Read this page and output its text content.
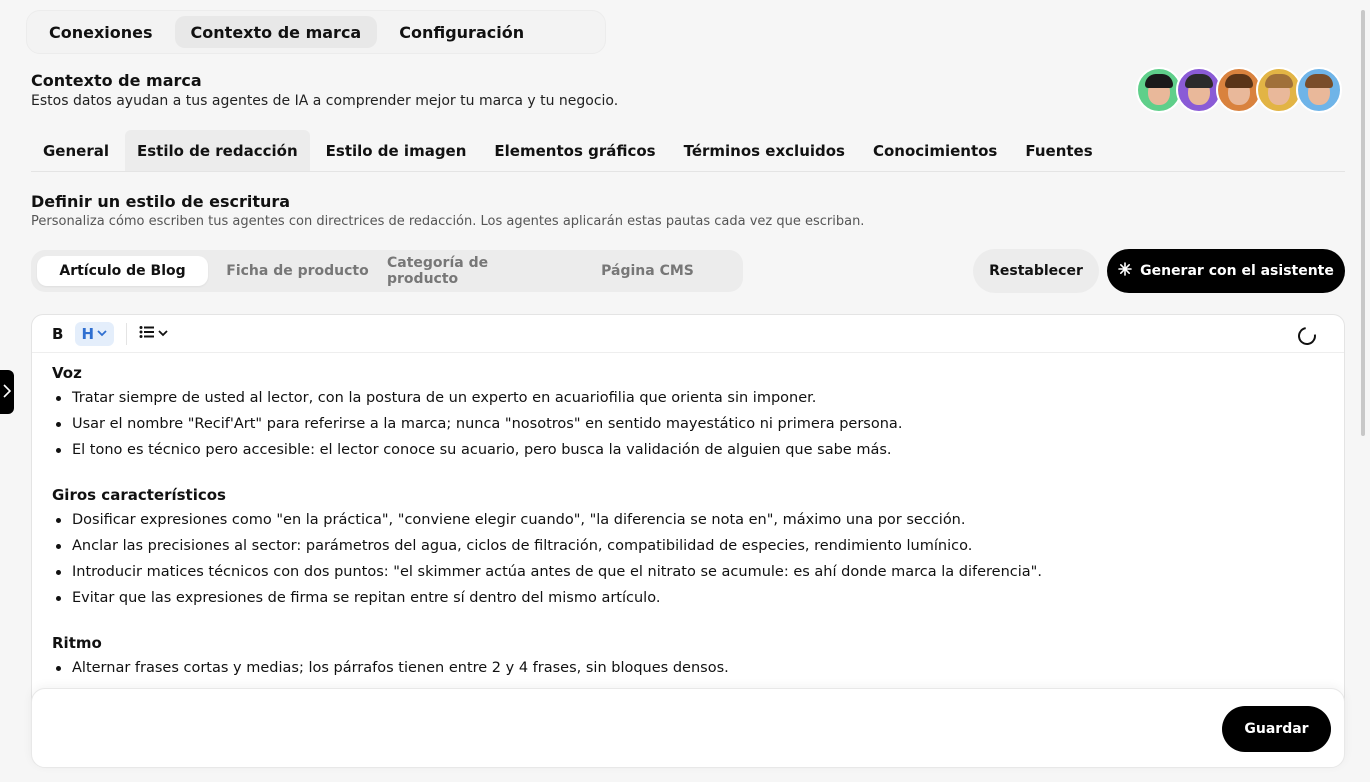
Conexiones	Contexto de marca	Configuración
Contexto de marca
Estos datos ayudan a tus agentes de IA a comprender mejor tu marca y tu negocio.
General	Estilo de redacción	Estilo de imagen	Elementos gráficos	Términos excluidos	Conocimientos	Fuentes
Definir un estilo de escritura
Personaliza cómo escriben tus agentes con directrices de redacción. Los agentes aplicarán estas pautas cada vez que escriban.
Artículo de Blog	Ficha de producto	Categoría de producto	Página CMS	Restablecer	Generar con el asistente
B	H
Voz
Tratar siempre de usted al lector, con la postura de un experto en acuariofilia que orienta sin imponer.
Usar el nombre "Recif'Art" para referirse a la marca; nunca "nosotros" en sentido mayestático ni primera persona.
El tono es técnico pero accesible: el lector conoce su acuario, pero busca la validación de alguien que sabe más.
Giros característicos
Dosificar expresiones como "en la práctica", "conviene elegir cuando", "la diferencia se nota en", máximo una por sección.
Anclar las precisiones al sector: parámetros del agua, ciclos de filtración, compatibilidad de especies, rendimiento lumínico.
Introducir matices técnicos con dos puntos: "el skimmer actúa antes de que el nitrato se acumule: es ahí donde marca la diferencia".
Evitar que las expresiones de firma se repitan entre sí dentro del mismo artículo.
Ritmo
Alternar frases cortas y medias; los párrafos tienen entre 2 y 4 frases, sin bloques densos.
Guardar
